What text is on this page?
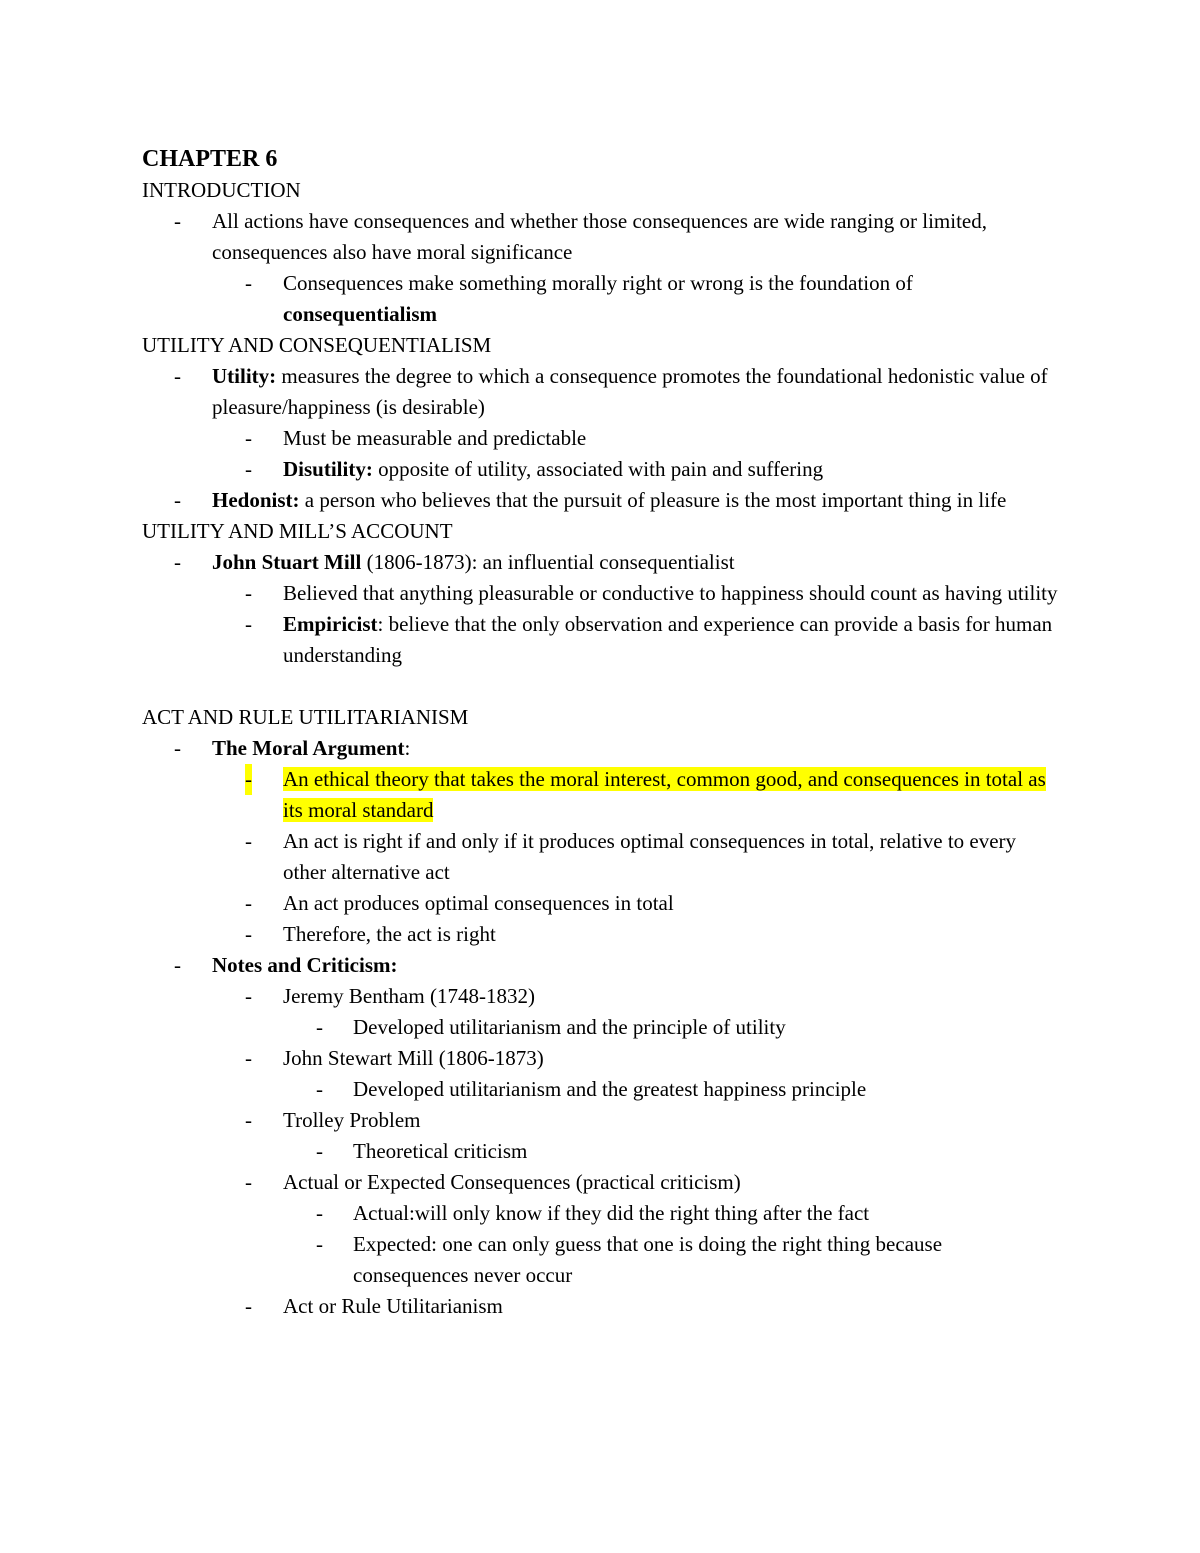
CHAPTER 6

INTRODUCTION

- All actions have consequences and whether those consequences are wide ranging or limited, consequences also have moral significance

- Consequences make something morally right or wrong is the foundation of consequentialism

UTILITY AND CONSEQUENTIALISM

- Utility: measures the degree to which a consequence promotes the foundational hedonistic value of pleasure/happiness (is desirable)

- Must be measurable and predictable

- Disutility: opposite of utility, associated with pain and suffering

- Hedonist: a person who believes that the pursuit of pleasure is the most important thing in life

UTILITY AND MILL’S ACCOUNT

- John Stuart Mill (1806-1873): an influential consequentialist

- Believed that anything pleasurable or conductive to happiness should count as having utility

- Empiricist: believe that the only observation and experience can provide a basis for human understanding

ACT AND RULE UTILITARIANISM

- The Moral Argument:

- An ethical theory that takes the moral interest, common good, and consequences in total as its moral standard

- An act is right if and only if it produces optimal consequences in total, relative to every other alternative act

- An act produces optimal consequences in total

- Therefore, the act is right

- Notes and Criticism:

- Jeremy Bentham (1748-1832)

- Developed utilitarianism and the principle of utility

- John Stewart Mill (1806-1873)

- Developed utilitarianism and the greatest happiness principle

- Trolley Problem

- Theoretical criticism

- Actual or Expected Consequences (practical criticism)

- Actual:will only know if they did the right thing after the fact

- Expected: one can only guess that one is doing the right thing because consequences never occur

- Act or Rule Utilitarianism
